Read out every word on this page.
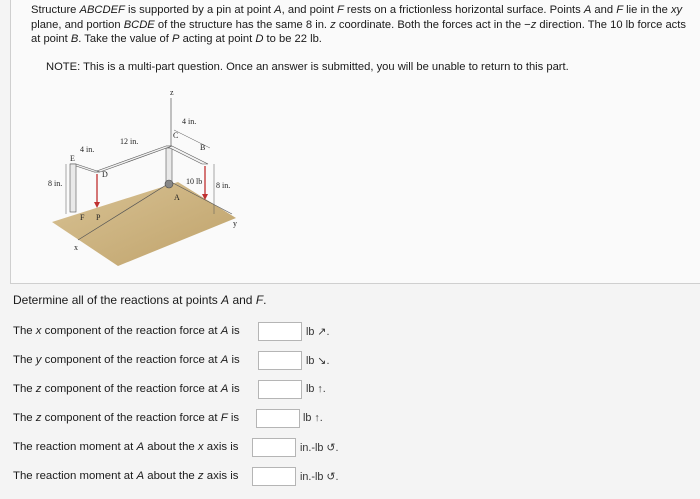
Structure ABCDEF is supported by a pin at point A, and point F rests on a frictionless horizontal surface. Points A and F lie in the xy plane, and portion BCDE of the structure has the same 8 in. z coordinate. Both the forces act in the −z direction. The 10 lb force acts at point B. Take the value of P acting at point D to be 22 lb.
NOTE: This is a multi-part question. Once an answer is submitted, you will be unable to return to this part.
z
y
x
4 in.
12 in.
4 in.
8 in.	8 in.
10 lb
A
B
C
D
E
F P
Determine all of the reactions at points A and F.
The x component of the reaction force at A is	lb ↗.
The y component of the reaction force at A is	lb ↘.
The z component of the reaction force at A is	lb ↑.
The z component of the reaction force at F is	lb ↑.
The reaction moment at A about the x axis is	in.-lb ↺.
The reaction moment at A about the z axis is	in.-lb ↺.
